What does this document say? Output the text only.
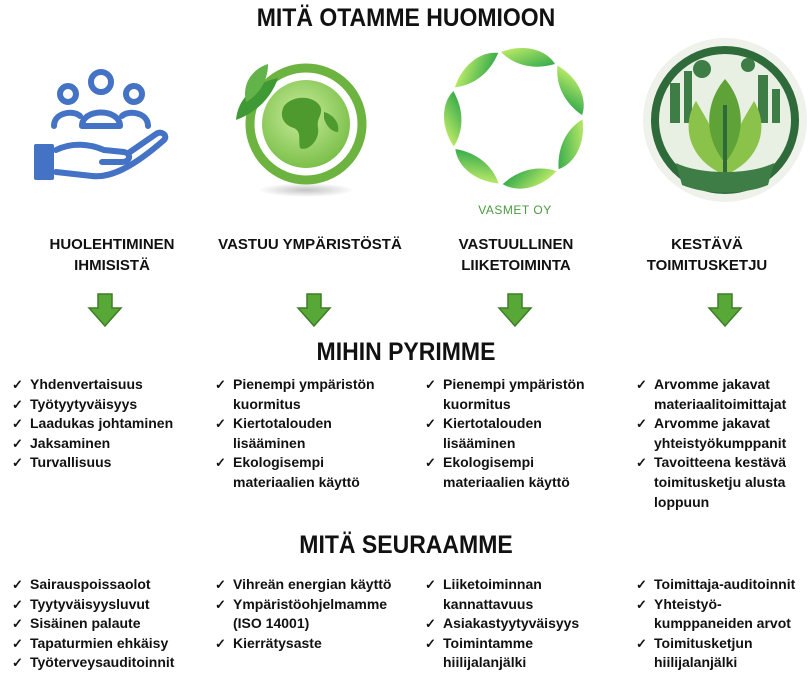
MITÄ OTAMME HUOMIOON
MIHIN PYRIMME
MITÄ SEURAAMME
VASMET OY
HUOLEHTIMINEN
IHMISISTÄ
VASTUU YMPÄRISTÖSTÄ	VASTUULLINEN
LIIKETOIMINTA
KESTÄVÄ
TOIMITUSKETJU
✓ Yhdenvertaisuus
✓ Työtyytyväisyys
✓ Laadukas johtaminen
✓ Jaksaminen
✓ Turvallisuus
✓ Pienempi ympäristön
kuormitus
✓ Kiertotalouden
lisääminen
✓ Ekologisempi
materiaalien käyttö
✓ Pienempi ympäristön
kuormitus
✓ Kiertotalouden
lisääminen
✓ Ekologisempi
materiaalien käyttö
✓ Arvomme jakavat
materiaalitoimittajat
✓ Arvomme jakavat
yhteistyökumppanit
✓ Tavoitteena kestävä
toimitusketju alusta
loppuun
✓ Sairauspoissaolot
✓ Tyytyväisyysluvut
✓ Sisäinen palaute
✓ Tapaturmien ehkäisy
✓ Työterveysauditoinnit
✓ Vihreän energian käyttö
✓ Ympäristöohjelmamme
(ISO 14001)
✓ Kierrätysaste
✓ Liiketoiminnan
kannattavuus
✓ Asiakastyytyväisyys
✓ Toimintamme
hiilijalanjälki
✓ Toimittaja-auditoinnit
✓ Yhteistyö-
kumppaneiden arvot
✓ Toimitusketjun
hiilijalanjälki
